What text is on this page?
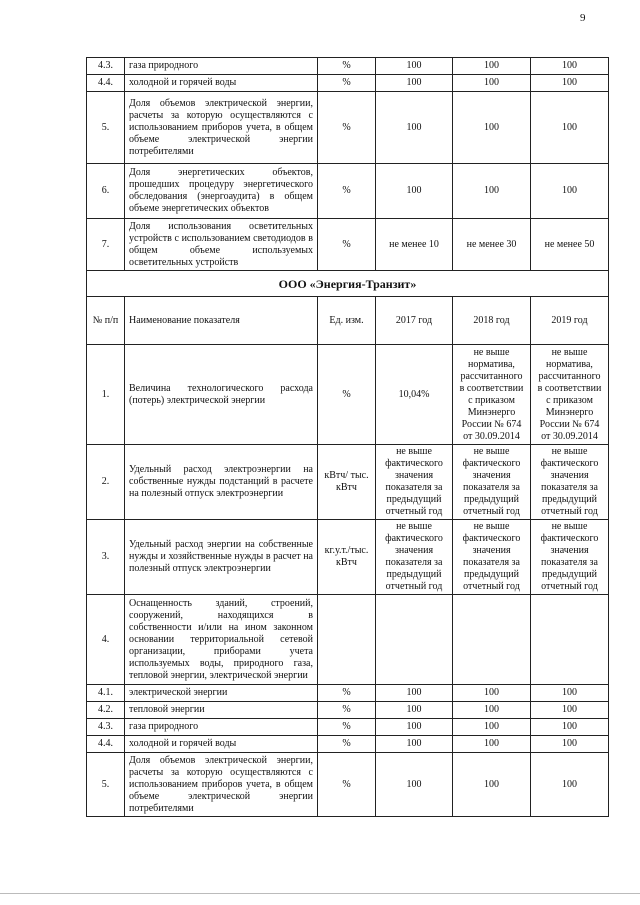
9
4.3.	газа природного	%	100	100	100
4.4.	холодной и горячей воды	%	100	100	100
5.	Доля объемов электрической энергии, расчеты за которую осуществляются с использованием приборов учета, в общем объеме электрической энергии потребителями	%	100	100	100
6.	Доля энергетических объектов, прошедших процедуру энергетического обследования (энергоаудита) в общем объеме энергетических объектов	%	100	100	100
7.	Доля использования осветительных устройств с использованием светодиодов в общем объеме используемых осветительных устройств	%	не менее 10	не менее 30	не менее 50
ООО «Энергия-Транзит»					
№ п/п	Наименование показателя	Ед. изм.	2017 год	2018 год	2019 год
1.	Величина технологического расхода (потерь) электрической энергии	%	10,04%	не выше норматива, рассчитанного в соответствии с приказом Минэнерго России № 674 от 30.09.2014	не выше норматива, рассчитанного в соответствии с приказом Минэнерго России № 674 от 30.09.2014
2.	Удельный расход электроэнергии на собственные нужды подстанций в расчете на полезный отпуск электроэнергии	кВтч/ тыс. кВтч	не выше фактического значения показателя за предыдущий отчетный год	не выше фактического значения показателя за предыдущий отчетный год	не выше фактического значения показателя за предыдущий отчетный год
3.	Удельный расход энергии на собственные нужды и хозяйственные нужды в расчет на полезный отпуск электроэнергии	кг.у.т./тыс. кВтч	не выше фактического значения показателя за предыдущий отчетный год	не выше фактического значения показателя за предыдущий отчетный год	не выше фактического значения показателя за предыдущий отчетный год
4.	Оснащенность зданий, строений, сооружений, находящихся в собственности и/или на ином законном основании территориальной сетевой организации, приборами учета используемых воды, природного газа, тепловой энергии, электрической энергии				
4.1.	электрической энергии	%	100	100	100
4.2.	тепловой энергии	%	100	100	100
4.3.	газа природного	%	100	100	100
4.4.	холодной и горячей воды	%	100	100	100
5.	Доля объемов электрической энергии, расчеты за которую осуществляются с использованием приборов учета, в общем объеме электрической энергии потребителями	%	100	100	100
